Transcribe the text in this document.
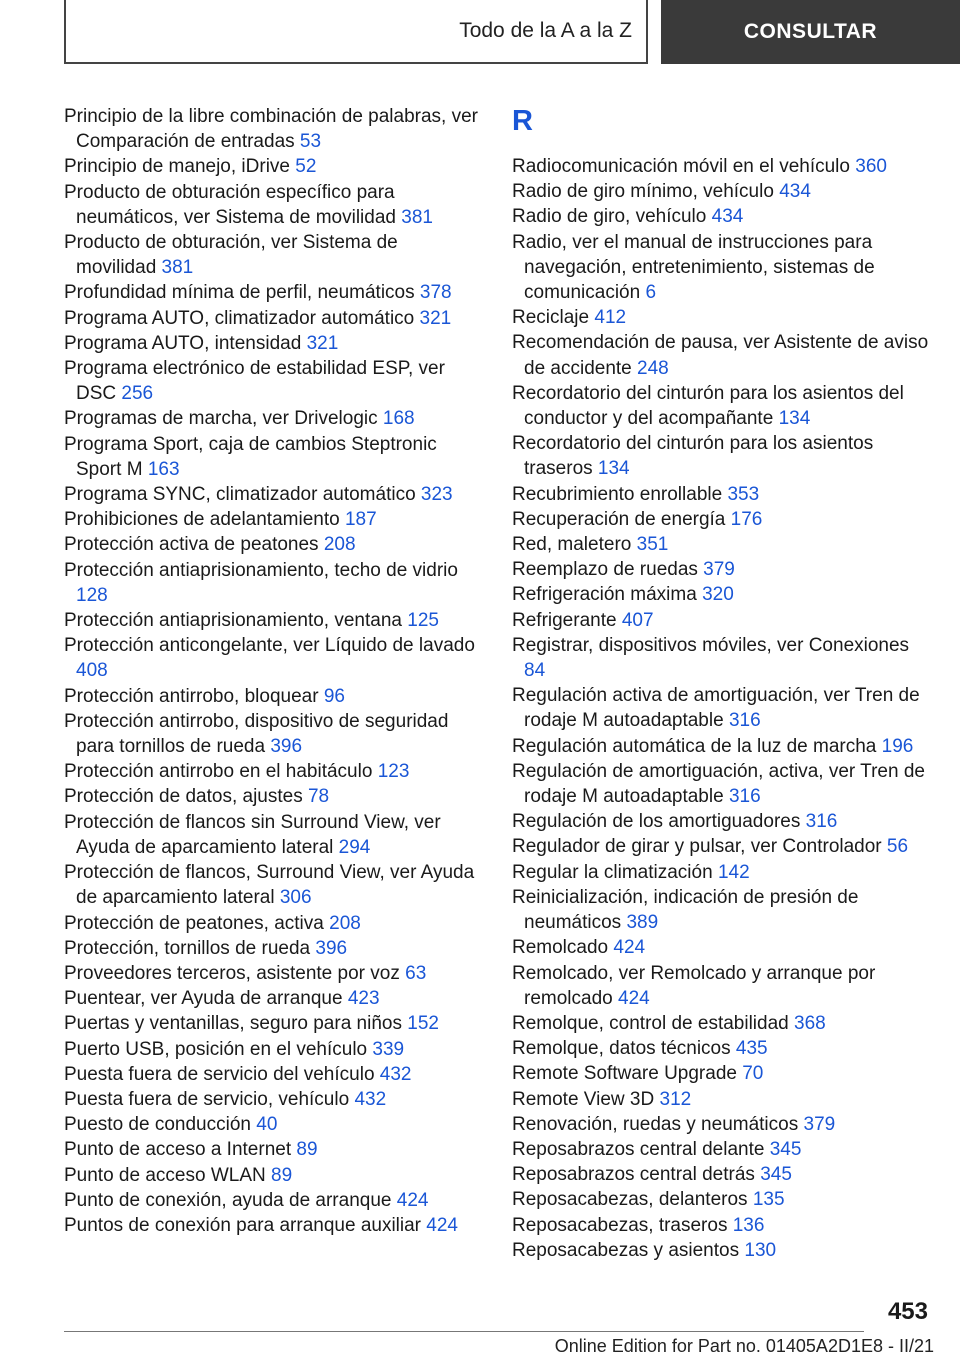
Todo de la A a la Z	CONSULTAR
Principio de la libre combinación de palabras, ver Comparación de entradas 53
Principio de manejo, iDrive 52
Producto de obturación específico para neumáticos, ver Sistema de movilidad 381
Producto de obturación, ver Sistema de movilidad 381
Profundidad mínima de perfil, neumáticos 378
Programa AUTO, climatizador automático 321
Programa AUTO, intensidad 321
Programa electrónico de estabilidad ESP, ver DSC 256
Programas de marcha, ver Drivelogic 168
Programa Sport, caja de cambios Steptronic Sport M 163
Programa SYNC, climatizador automático 323
Prohibiciones de adelantamiento 187
Protección activa de peatones 208
Protección antiaprisionamiento, techo de vidrio 128
Protección antiaprisionamiento, ventana 125
Protección anticongelante, ver Líquido de lavado 408
Protección antirrobo, bloquear 96
Protección antirrobo, dispositivo de seguridad para tornillos de rueda 396
Protección antirrobo en el habitáculo 123
Protección de datos, ajustes 78
Protección de flancos sin Surround View, ver Ayuda de aparcamiento lateral 294
Protección de flancos, Surround View, ver Ayuda de aparcamiento lateral 306
Protección de peatones, activa 208
Protección, tornillos de rueda 396
Proveedores terceros, asistente por voz 63
Puentear, ver Ayuda de arranque 423
Puertas y ventanillas, seguro para niños 152
Puerto USB, posición en el vehículo 339
Puesta fuera de servicio del vehículo 432
Puesta fuera de servicio, vehículo 432
Puesto de conducción 40
Punto de acceso a Internet 89
Punto de acceso WLAN 89
Punto de conexión, ayuda de arranque 424
Puntos de conexión para arranque auxiliar 424
R
Radiocomunicación móvil en el vehículo 360
Radio de giro mínimo, vehículo 434
Radio de giro, vehículo 434
Radio, ver el manual de instrucciones para navegación, entretenimiento, sistemas de comunicación 6
Reciclaje 412
Recomendación de pausa, ver Asistente de aviso de accidente 248
Recordatorio del cinturón para los asientos del conductor y del acompañante 134
Recordatorio del cinturón para los asientos traseros 134
Recubrimiento enrollable 353
Recuperación de energía 176
Red, maletero 351
Reemplazo de ruedas 379
Refrigeración máxima 320
Refrigerante 407
Registrar, dispositivos móviles, ver Conexiones 84
Regulación activa de amortiguación, ver Tren de rodaje M autoadaptable 316
Regulación automática de la luz de marcha 196
Regulación de amortiguación, activa, ver Tren de rodaje M autoadaptable 316
Regulación de los amortiguadores 316
Regulador de girar y pulsar, ver Controlador 56
Regular la climatización 142
Reinicialización, indicación de presión de neumáticos 389
Remolcado 424
Remolcado, ver Remolcado y arranque por remolcado 424
Remolque, control de estabilidad 368
Remolque, datos técnicos 435
Remote Software Upgrade 70
Remote View 3D 312
Renovación, ruedas y neumáticos 379
Reposabrazos central delante 345
Reposabrazos central detrás 345
Reposacabezas, delanteros 135
Reposacabezas, traseros 136
Reposacabezas y asientos 130
453
Online Edition for Part no. 01405A2D1E8 - II/21
